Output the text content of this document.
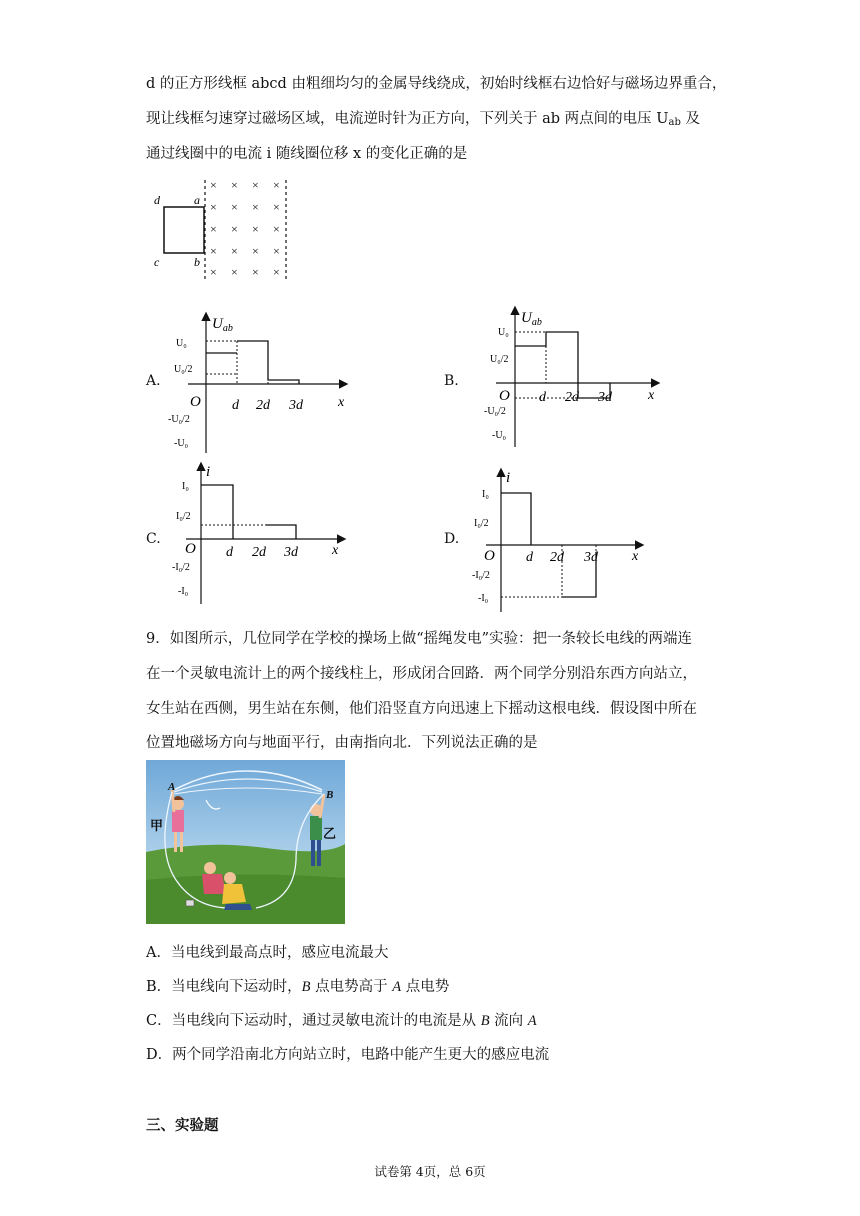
d 的正方形线框 abcd 由粗细均匀的金属导线绕成，初始时线框右边恰好与磁场边界重合，
现让线框匀速穿过磁场区域，电流逆时针为正方向，下列关于 ab 两点间的电压 $U_{ab}$ 及
通过线圈中的电流 i 随线圈位移 x 的变化正确的是
× × × ×
× × × ×
× × × ×
× × × ×
× × × ×
d	a
c	b
A.	B.
C.	D.
$U_{ab}$
U₀
U₀/2
-U₀/2
-U₀
O d 2d 3d	x
$U_{ab}$
U₀
U₀/2
-U₀/2
-U₀
O d 2d 3d	x
i
I₀
I₀/2
-I₀/2
-I₀
O d 2d 3d x
i
I₀
I₀/2
-I₀/2
-I₀
O d 2d 3d x
9．如图所示，几位同学在学校的操场上做“摇绳发电”实验：把一条较长电线的两端连
在一个灵敏电流计上的两个接线柱上，形成闭合回路．两个同学分别沿东西方向站立，
女生站在西侧，男生站在东侧，他们沿竖直方向迅速上下摇动这根电线．假设图中所在
位置地磁场方向与地面平行，由南指向北．下列说法正确的是
A
B
甲
乙
A．当电线到最高点时，感应电流最大
B．当电线向下运动时，B 点电势高于 A 点电势
C．当电线向下运动时，通过灵敏电流计的电流是从 B 流向 A
D．两个同学沿南北方向站立时，电路中能产生更大的感应电流
三、实验题
试卷第 4页，总 6页
